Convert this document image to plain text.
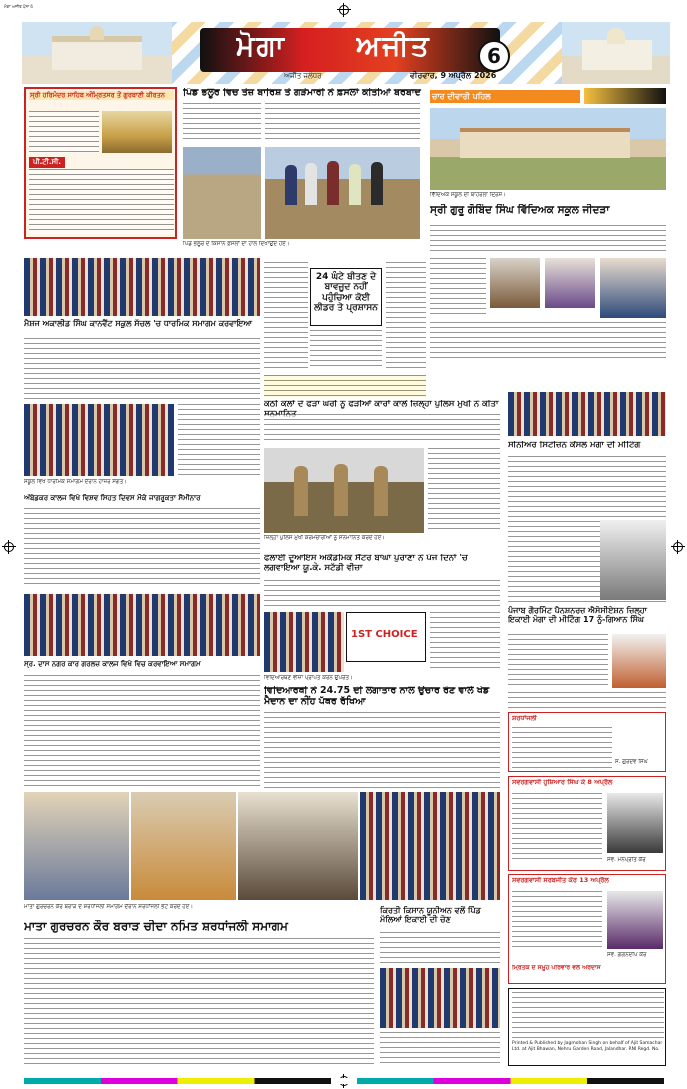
ਮੋਗਾ ਅਜੀਤ ਪੰਨਾ 6
ਮੋਗਾ	ਅਜੀਤ	6
ਅਜੀਤ ਜਲੰਧਰ	ਵੀਰਵਾਰ, 9 ਅਪ੍ਰੈਲ 2026
ਸ੍ਰੀ ਹਰਿਮੰਦਰ ਸਾਹਿਬ ਅੰਮ੍ਰਿਤਸਰ ਤੋਂ ਗੁਰਬਾਣੀ ਕੀਰਤਨ
ਪੀ.ਟੀ.ਸੀ.
ਪਿੰਡ ਭਲੂਰ ਵਿਚ ਤੇਜ਼ ਬਾਰਿਸ਼ ਤੇ ਗੜੇਮਾਰੀ ਨੇ ਫ਼ਸਲਾਂ ਕੀਤੀਆਂ ਬਰਬਾਦ
ਪਿੰਡ ਭਲੂਰ ਦੇ ਕਿਸਾਨ ਫ਼ਸਲਾਂ ਦਾ ਹਾਲ ਦਿਖਾਉਂਦੇ ਹੋਏ।
ਚਾਰ ਦੀਵਾਰੀ ਪਹਿਲ
ਵਿੱਦਿਅਕ ਸਕੂਲ ਦੀ ਬਾਹਰਲਾ ਦ੍ਰਿਸ਼।
ਸ੍ਰੀ ਗੁਰੂ ਗੋਬਿੰਦ ਸਿੰਘ ਵਿੱਦਿਅਕ ਸਕੂਲ ਜੀਦੜਾ
ਮੈਸ਼ਜ ਅਕਾਲੀਡ ਸਿੰਘ ਕਾਨਵੈਂਟ ਸਕੂਲ ਸੱਚਲ 'ਚ ਧਾਰਮਿਕ ਸਮਾਗਮ ਕਰਵਾਇਆ
ਸਕੂਲ ਵਿਖੇ ਧਾਰਮਿਕ ਸਮਾਗਮ ਦੌਰਾਨ ਹਾਜ਼ਰ ਸੰਗਤ।
24 ਘੰਟੇ ਬੀਤਣ ਦੇ ਬਾਵਜੂਦ ਨਹੀਂ ਪਹੁੰਚਿਆ ਕੋਈ ਲੀਡਰ ਤੇ ਪ੍ਰਸ਼ਾਸਨ
ਕੋਠੀ ਕਲਾਂ ਦੇ ਫੜਾ ਘਰੀ ਨੂੰ ਫੜੀਆਂ ਕਾਰਾਂ ਕਾਲੋਂ ਜ਼ਿਲ੍ਹਾ ਪੁਲਿਸ ਮੁਖੀ ਨੇ ਕੀਤਾ
ਜ਼ਿਲ੍ਹਾ ਪੁਲਿਸ ਮੁਖੀ ਕਰਮਚਾਰੀਆਂ ਨੂੰ ਸਨਮਾਨਿਤ ਕਰਦੇ ਹੋਏ।
ਸੀਨੀਅਰ ਸਿਟੀਜ਼ਨ ਕੌਂਸਲ ਮੋਗਾ ਦੀ ਮੀਟਿੰਗ
ਅੰਬੇਡਕਰ ਕਾਲਜ ਵਿਖੇ ਵਿਸ਼ਵ ਸਿਹਤ ਦਿਵਸ ਮੌਕੇ ਜਾਗਰੂਕਤਾ ਸੈਮੀਨਾਰ
ਫਲਾਈ ਦੂਆਇਸ ਅਕੈਡਮਿਕ ਸੈਂਟਰ ਬਾਘਾ ਪੁਰਾਣਾ ਨੇ ਪੰਜ ਦਿਨਾਂ 'ਚ ਲਗਵਾਇਆ ਯੂ.ਕੇ. ਸਟੱਡੀ ਵੀਜ਼ਾ
1ST CHOICE
ਵਿਦਿਆਰਥਣ ਵੀਜ਼ਾ ਪ੍ਰਾਪਤ ਕਰਨ ਉਪਰੰਤ।
ਸ੍ਰ. ਦਾਸ ਨਗਰ ਕਾਰ ਗਰਲਜ਼ ਕਾਲਜ ਵਿਖੇ ਵਿਚ ਕਰਵਾਇਆ ਸਮਾਗਮ
ਵਿਦਿਆਰਥੀ ਨੇ 24.75 ਦੀ ਲਗਾਤਾਰ ਨਾਲ ਉਚਾਰ ਰੋਣ ਵਾਲੇ ਖੇਡ ਮੈਦਾਨ ਦਾ ਨੀਂਹ ਪੱਥਰ ਰੱਖਿਆ
ਪੰਜਾਬ ਗੌਰਮਿੰਟ ਪੈਨਸ਼ਨਰਜ਼ ਐਸੋਸੀਏਸ਼ਨ ਜ਼ਿਲ੍ਹਾ ਇਕਾਈ ਮੋਗਾ ਦੀ ਮੀਟਿੰਗ 17 ਨੂੰ-ਗਿਆਨ ਸਿੰਘ
ਸ਼ਰਧਾਂਜਲੀ
ਸ. ਗੁਰਦੇਵ ਸਿੰਘ
ਸਵਰਗਵਾਸੀ ਹੁਸ਼ਿਆਰ ਸਿੰਘ ਕੇ 8 ਅਪ੍ਰੈਲ
ਸਵ. ਮਨਪ੍ਰੀਤ ਕੌਰ
ਸਵਰਗਵਾਸੀ ਸਰਬਜੀਤ ਕੌਰ 13 ਅਪ੍ਰੈਲ
ਸਵ. ਗਗਨਦੀਪ ਕੌਰ
ਮ੍ਰਿਤਕ ਦੇ ਸਮੂਹ ਪਰਿਵਾਰ ਵਲੋਂ ਅਰਦਾਸ
ਮਾਤਾ ਗੁਰਚਰਨ ਕੌਰ ਬਰਾੜ ਦੇ ਸ਼ਰਧਾਂਜਲੀ ਸਮਾਗਮ ਦੌਰਾਨ ਸ਼ਰਧਾਂਜਲੀ ਭੇਟ ਕਰਦੇ ਹੋਏ।
ਮਾਤਾ ਗੁਰਚਰਨ ਕੌਰ ਬਰਾੜ ਚੀਦਾ ਨਮਿਤ ਸ਼ਰਧਾਂਜਲੀ ਸਮਾਗਮ
ਕਿਰਤੀ ਕਿਸਾਨ ਯੂਨੀਅਨ ਵਲੋਂ ਪਿੰਡ ਮੱਲਿਆਂ ਇਕਾਈ ਦੀ ਚੋਣ
Printed & Published by Jagmohan Singh on behalf of Ajit Samachar Ltd. at Ajit Bhawan, Nehru Garden Road, Jalandhar. RNI Regd. No.
